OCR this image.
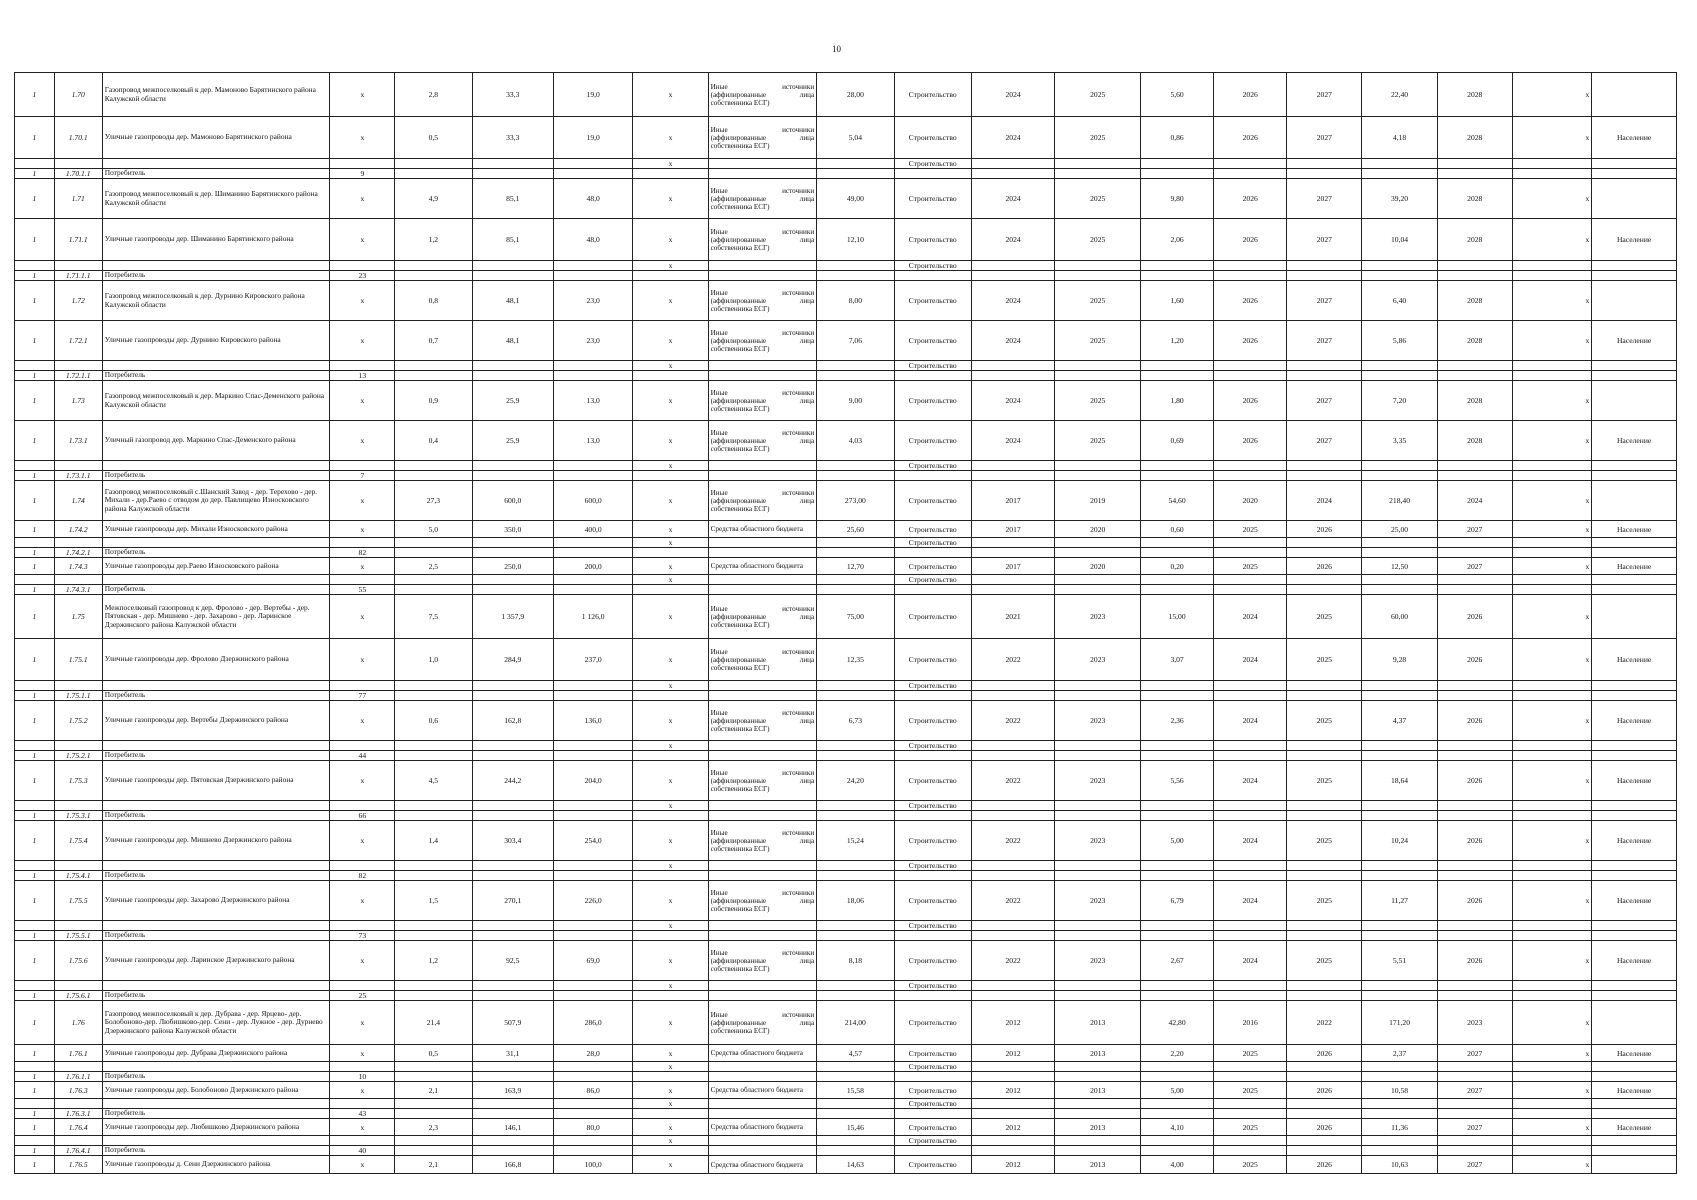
10
1	1.70	Газопровод межпоселковый к дер. Мамоново Барятинского района Калужской области	x	2,8	33,3	19,0	x	Иные источники (аффилированные лица собственника ЕСГ)	28,00	Строительство	2024	2025	5,60	2026	2027	22,40	2028	x	
1	1.70.1	Уличные газопроводы дер. Мамоново Барятинского района	x	0,5	33,3	19,0	x	Иные источники (аффилированные лица собственника ЕСГ)	5,04	Строительство	2024	2025	0,86	2026	2027	4,18	2028	x	Население
							x			Строительство									
1	1.70.1.1	Потребитель	9																
1	1.71	Газопровод межпоселковый к дер. Шиманино Барятинского района Калужской области	x	4,9	85,1	48,0	x	Иные источники (аффилированные лица собственника ЕСГ)	49,00	Строительство	2024	2025	9,80	2026	2027	39,20	2028	x	
1	1.71.1	Уличные газопроводы дер. Шиманино Барятинского района	x	1,2	85,1	48,0	x	Иные источники (аффилированные лица собственника ЕСГ)	12,10	Строительство	2024	2025	2,06	2026	2027	10,04	2028	x	Население
							x			Строительство									
1	1.71.1.1	Потребитель	23																
1	1.72	Газопровод межпоселковый к дер. Дурнино Кировского района Калужской области	x	0,8	48,1	23,0	x	Иные источники (аффилированные лица собственника ЕСГ)	8,00	Строительство	2024	2025	1,60	2026	2027	6,40	2028	x	
1	1.72.1	Уличные газопроводы дер. Дурнино Кировского района	x	0,7	48,1	23,0	x	Иные источники (аффилированные лица собственника ЕСГ)	7,06	Строительство	2024	2025	1,20	2026	2027	5,86	2028	x	Население
							x			Строительство									
1	1.72.1.1	Потребитель	13																
1	1.73	Газопровод межпоселковый к дер. Маркино Спас-Деменского района Калужской области	x	0,9	25,9	13,0	x	Иные источники (аффилированные лица собственника ЕСГ)	9,00	Строительство	2024	2025	1,80	2026	2027	7,20	2028	x	
1	1.73.1	Уличный газопровод дер. Маркино Спас-Деменского района	x	0,4	25,9	13,0	x	Иные источники (аффилированные лица собственника ЕСГ)	4,03	Строительство	2024	2025	0,69	2026	2027	3,35	2028	x	Население
							x			Строительство									
1	1.73.1.1	Потребитель	7																
1	1.74	Газопровод межпоселковый с.Шанский Завод - дер. Терехово - дер. Михали - дер.Раево с отводом до дер. Павлищево Износковского района Калужской области	x	27,3	600,0	600,0	x	Иные источники (аффилированные лица собственника ЕСГ)	273,00	Строительство	2017	2019	54,60	2020	2024	218,40	2024	x	
1	1.74.2	Уличные газопроводы дер. Михали Износковского района	x	5,0	350,0	400,0	x	Средства областного бюджета	25,60	Строительство	2017	2020	0,60	2025	2026	25,00	2027	x	Население
							x			Строительство									
1	1.74.2.1	Потребитель	82																
1	1.74.3	Уличные газопроводы дер.Раево Износковского района	x	2,5	250,0	200,0	x	Средства областного бюджета	12,70	Строительство	2017	2020	0,20	2025	2026	12,50	2027	x	Население
							x			Строительство									
1	1.74.3.1	Потребитель	55																
1	1.75	Межпоселковый газопровод к дер. Фролово - дер. Вертебы - дер. Пятовская - дер. Мишнево - дер. Захарово - дер. Ларинское Дзержинского района Калужской области	x	7,5	1 357,9	1 126,0	x	Иные источники (аффилированные лица собственника ЕСГ)	75,00	Строительство	2021	2023	15,00	2024	2025	60,00	2026	x	
1	1.75.1	Уличные газопроводы дер. Фролово Дзержинского района	x	1,0	284,9	237,0	x	Иные источники (аффилированные лица собственника ЕСГ)	12,35	Строительство	2022	2023	3,07	2024	2025	9,28	2026	x	Население
							x			Строительство									
1	1.75.1.1	Потребитель	77																
1	1.75.2	Уличные газопроводы дер. Вертебы Дзержинского района	x	0,6	162,8	136,0	x	Иные источники (аффилированные лица собственника ЕСГ)	6,73	Строительство	2022	2023	2,36	2024	2025	4,37	2026	x	Население
							x			Строительство									
1	1.75.2.1	Потребитель	44																
1	1.75.3	Уличные газопроводы дер. Пятовская Дзержинского района	x	4,5	244,2	204,0	x	Иные источники (аффилированные лица собственника ЕСГ)	24,20	Строительство	2022	2023	5,56	2024	2025	18,64	2026	x	Население
							x			Строительство									
1	1.75.3.1	Потребитель	66																
1	1.75.4	Уличные газопроводы дер. Мишнево Дзержинского района	x	1,4	303,4	254,0	x	Иные источники (аффилированные лица собственника ЕСГ)	15,24	Строительство	2022	2023	5,00	2024	2025	10,24	2026	x	Население
							x			Строительство									
1	1.75.4.1	Потребитель	82																
1	1.75.5	Уличные газопроводы дер. Захарово Дзержинского района	x	1,5	270,1	226,0	x	Иные источники (аффилированные лица собственника ЕСГ)	18,06	Строительство	2022	2023	6,79	2024	2025	11,27	2026	x	Население
							x			Строительство									
1	1.75.5.1	Потребитель	73																
1	1.75.6	Уличные газопроводы дер. Ларинское Дзержинского района	x	1,2	92,5	69,0	x	Иные источники (аффилированные лица собственника ЕСГ)	8,18	Строительство	2022	2023	2,67	2024	2025	5,51	2026	x	Население
							x			Строительство									
1	1.75.6.1	Потребитель	25																
1	1.76	Газопровод межпоселковый к дер. Дубрава - дер. Ярцево- дер. Болобоново-дер. Любишково-дер. Сени - дер. Лужное - дер. Дурнево Дзержинского района Калужской области	x	21,4	507,9	286,0	x	Иные источники (аффилированные лица собственника ЕСГ)	214,00	Строительство	2012	2013	42,80	2016	2022	171,20	2023	x	
1	1.76.1	Уличные газопроводы дер. Дубрава Дзержинского района	x	0,5	31,1	28,0	x	Средства областного бюджета	4,57	Строительство	2012	2013	2,20	2025	2026	2,37	2027	x	Население
							x			Строительство									
1	1.76.1.1	Потребитель	10																
1	1.76.3	Уличные газопроводы дер. Болобоново Дзержинского района	x	2,1	163,9	86,0	x	Средства областного бюджета	15,58	Строительство	2012	2013	5,00	2025	2026	10,58	2027	x	Население
							x			Строительство									
1	1.76.3.1	Потребитель	43																
1	1.76.4	Уличные газопроводы дер. Любишково Дзержинского района	x	2,3	146,1	80,0	x	Средства областного бюджета	15,46	Строительство	2012	2013	4,10	2025	2026	11,36	2027	x	Население
							x			Строительство									
1	1.76.4.1	Потребитель	40																
1	1.76.5	Уличные газопроводы д. Сени Дзержинского района	x	2,1	166,8	100,0	x	Средства областного бюджета	14,63	Строительство	2012	2013	4,00	2025	2026	10,63	2027	x	
